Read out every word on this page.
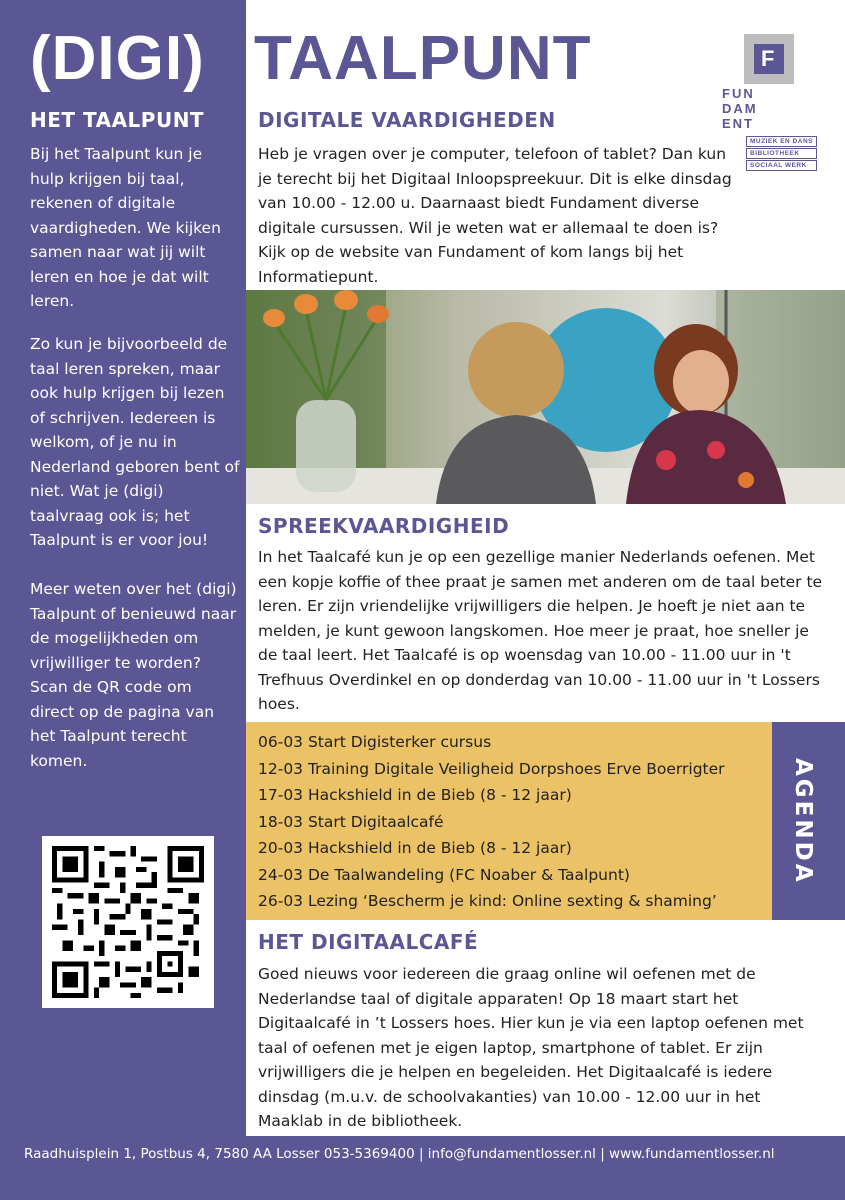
(DIGI) TAALPUNT	F
FUN
DAM
ENT
MUZIEK EN DANS
BIBLIOTHEEK
SOCIAAL WERK
HET TAALPUNT
Bij het Taalpunt kun je hulp krijgen bij taal, rekenen of digitale vaardigheden. We kijken samen naar wat jij wilt leren en hoe je dat wilt leren.
Zo kun je bijvoorbeeld de taal leren spreken, maar ook hulp krijgen bij lezen of schrijven. Iedereen is welkom, of je nu in Nederland geboren bent of niet. Wat je (digi) taalvraag ook is; het Taalpunt is er voor jou!
Meer weten over het (digi) Taalpunt of benieuwd naar de mogelijkheden om vrijwilliger te worden? Scan de QR code om direct op de pagina van het Taalpunt terecht komen.
DIGITALE VAARDIGHEDEN
Heb je vragen over je computer, telefoon of tablet? Dan kun je terecht bij het Digitaal Inloopspreekuur. Dit is elke dinsdag van 10.00 - 12.00 u. Daarnaast biedt Fundament diverse digitale cursussen. Wil je weten wat er allemaal te doen is? Kijk op de website van Fundament of kom langs bij het Informatiepunt.
SPREEKVAARDIGHEID
In het Taalcafé kun je op een gezellige manier Nederlands oefenen. Met een kopje koffie of thee praat je samen met anderen om de taal beter te leren. Er zijn vriendelijke vrijwilligers die helpen. Je hoeft je niet aan te melden, je kunt gewoon langskomen. Hoe meer je praat, hoe sneller je de taal leert. Het Taalcafé is op woensdag van 10.00 - 11.00 uur in 't Trefhuus Overdinkel en op donderdag van 10.00 - 11.00 uur in 't Lossers hoes.
06-03 Start Digisterker cursus
12-03 Training Digitale Veiligheid Dorpshoes Erve Boerrigter
17-03 Hackshield in de Bieb (8 - 12 jaar)
18-03 Start Digitaalcafé
20-03 Hackshield in de Bieb (8 - 12 jaar)
24-03 De Taalwandeling (FC Noaber & Taalpunt)
26-03 Lezing ‘Bescherm je kind: Online sexting & shaming’
AGENDA
HET DIGITAALCAFÉ
Goed nieuws voor iedereen die graag online wil oefenen met de Nederlandse taal of digitale apparaten! Op 18 maart start het Digitaalcafé in ’t Lossers hoes. Hier kun je via een laptop oefenen met taal of oefenen met je eigen laptop, smartphone of tablet. Er zijn vrijwilligers die je helpen en begeleiden. Het Digitaalcafé is iedere dinsdag (m.u.v. de schoolvakanties) van 10.00 - 12.00 uur in het Maaklab in de bibliotheek.
Raadhuisplein 1, Postbus 4, 7580 AA Losser 053-5369400 | info@fundamentlosser.nl | www.fundamentlosser.nl
